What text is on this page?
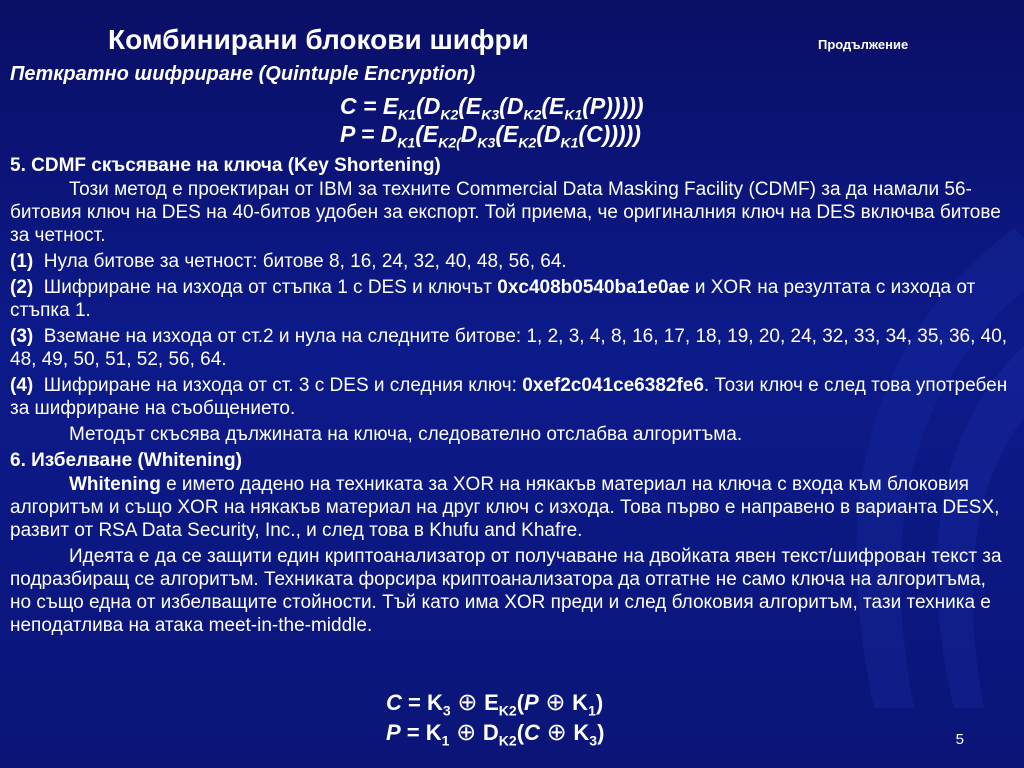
Комбинирани блокови шифри	Продължение
Петкратно шифриране (Quintuple Encryption)
$C = E_{K1}(D_{K2}(E_{K3}(D_{K2}(E_{K1}(P)))))$
$P = D_{K1}(E_{K2(}D_{K3}(E_{K2}(D_{K1}(C))))$)
5. CDMF скъсяване на ключа (Key Shortening)
Този метод е проектиран от IBM за техните Commercial Data Masking Facility (CDMF) за да намали 56-битовия ключ на DES на 40-битов удобен за експорт. Той приема, че оригиналния ключ на DES включва битове за четност.
(1) Нула битове за четност: битове 8, 16, 24, 32, 40, 48, 56, 64.
(2) Шифриране на изхода от стъпка 1 с DES и ключът 0xc408b0540ba1e0ae и XOR на резултата с изхода от стъпка 1.
(3) Вземане на изхода от ст.2 и нула на следните битове: 1, 2, 3, 4, 8, 16, 17, 18, 19, 20, 24, 32, 33, 34, 35, 36, 40, 48, 49, 50, 51, 52, 56, 64.
(4) Шифриране на изхода от ст. 3 с DES и следния ключ: 0xef2c041ce6382fe6. Този ключ е след това употребен за шифриране на съобщението.
Методът скъсява дължината на ключа, следователно отслабва алгоритъма.
6. Избелване (Whitening)
Whitening е името дадено на техниката за XOR на някакъв материал на ключа с входа към блоковия алгоритъм и също XOR на някакъв материал на друг ключ с изхода. Това първо е направено в варианта DESX, развит от RSA Data Security, Inc., и след това в Khufu and Khafre.
Идеята е да се защити един криптоанализатор от получаване на двойката явен текст/шифрован текст за подразбиращ се алгоритъм. Техниката форсира криптоанализатора да отгатне не само ключа на алгоритъма, но също една от избелващите стойности. Тъй като има XOR преди и след блоковия алгоритъм, тази техника е неподатлива на атака meet-in-the-middle.
$C = K_3$ ⊕ $E_{K2}(P$ ⊕ $K_1$)
$P = K_1$ ⊕ $D_{K2}(C$ ⊕ $K_3$)	5
